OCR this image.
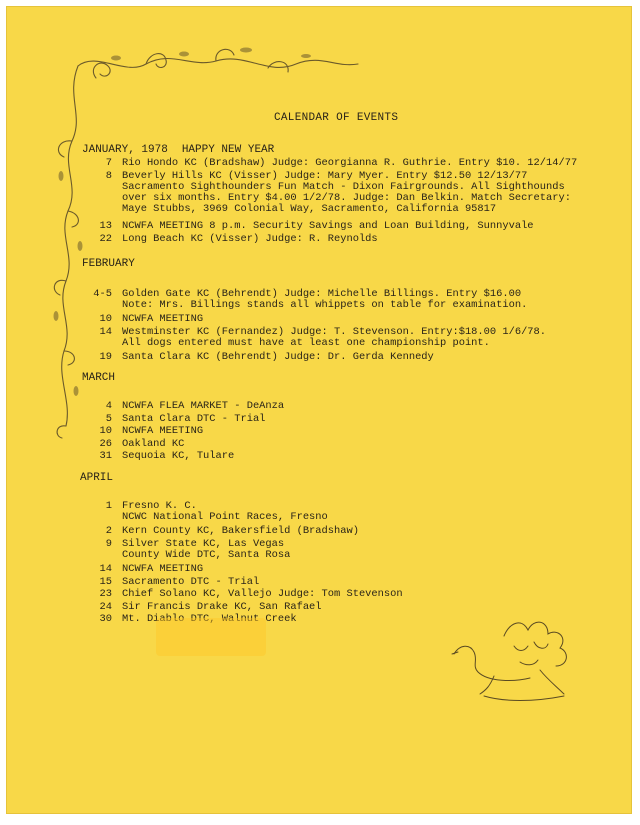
CALENDAR OF EVENTS
JANUARY, 1978 HAPPY NEW YEAR
7 Rio Hondo KC (Bradshaw) Judge: Georgianna R. Guthrie. Entry $10. 12/14/77
8 Beverly Hills KC (Visser) Judge: Mary Myer. Entry $12.50 12/13/77
Sacramento Sighthounders Fun Match - Dixon Fairgrounds. All Sighthounds
over six months. Entry $4.00 1/2/78. Judge: Dan Belkin. Match Secretary:
Maye Stubbs, 3969 Colonial Way, Sacramento, California 95817
13 NCWFA MEETING 8 p.m. Security Savings and Loan Building, Sunnyvale
22 Long Beach KC (Visser) Judge: R. Reynolds
FEBRUARY
4-5 Golden Gate KC (Behrendt) Judge: Michelle Billings. Entry $16.00
Note: Mrs. Billings stands all whippets on table for examination.
10 NCWFA MEETING
14 Westminster KC (Fernandez) Judge: T. Stevenson. Entry:$18.00 1/6/78.
All dogs entered must have at least one championship point.
19 Santa Clara KC (Behrendt) Judge: Dr. Gerda Kennedy
MARCH
4 NCWFA FLEA MARKET - DeAnza
5 Santa Clara DTC - Trial
10 NCWFA MEETING
26 Oakland KC
31 Sequoia KC, Tulare
APRIL
1 Fresno K. C.
NCWC National Point Races, Fresno
2 Kern County KC, Bakersfield (Bradshaw)
9 Silver State KC, Las Vegas
County Wide DTC, Santa Rosa
14 NCWFA MEETING
15 Sacramento DTC - Trial
23 Chief Solano KC, Vallejo Judge: Tom Stevenson
24 Sir Francis Drake KC, San Rafael
30 Mt. Diablo DTC, Walnut Creek
